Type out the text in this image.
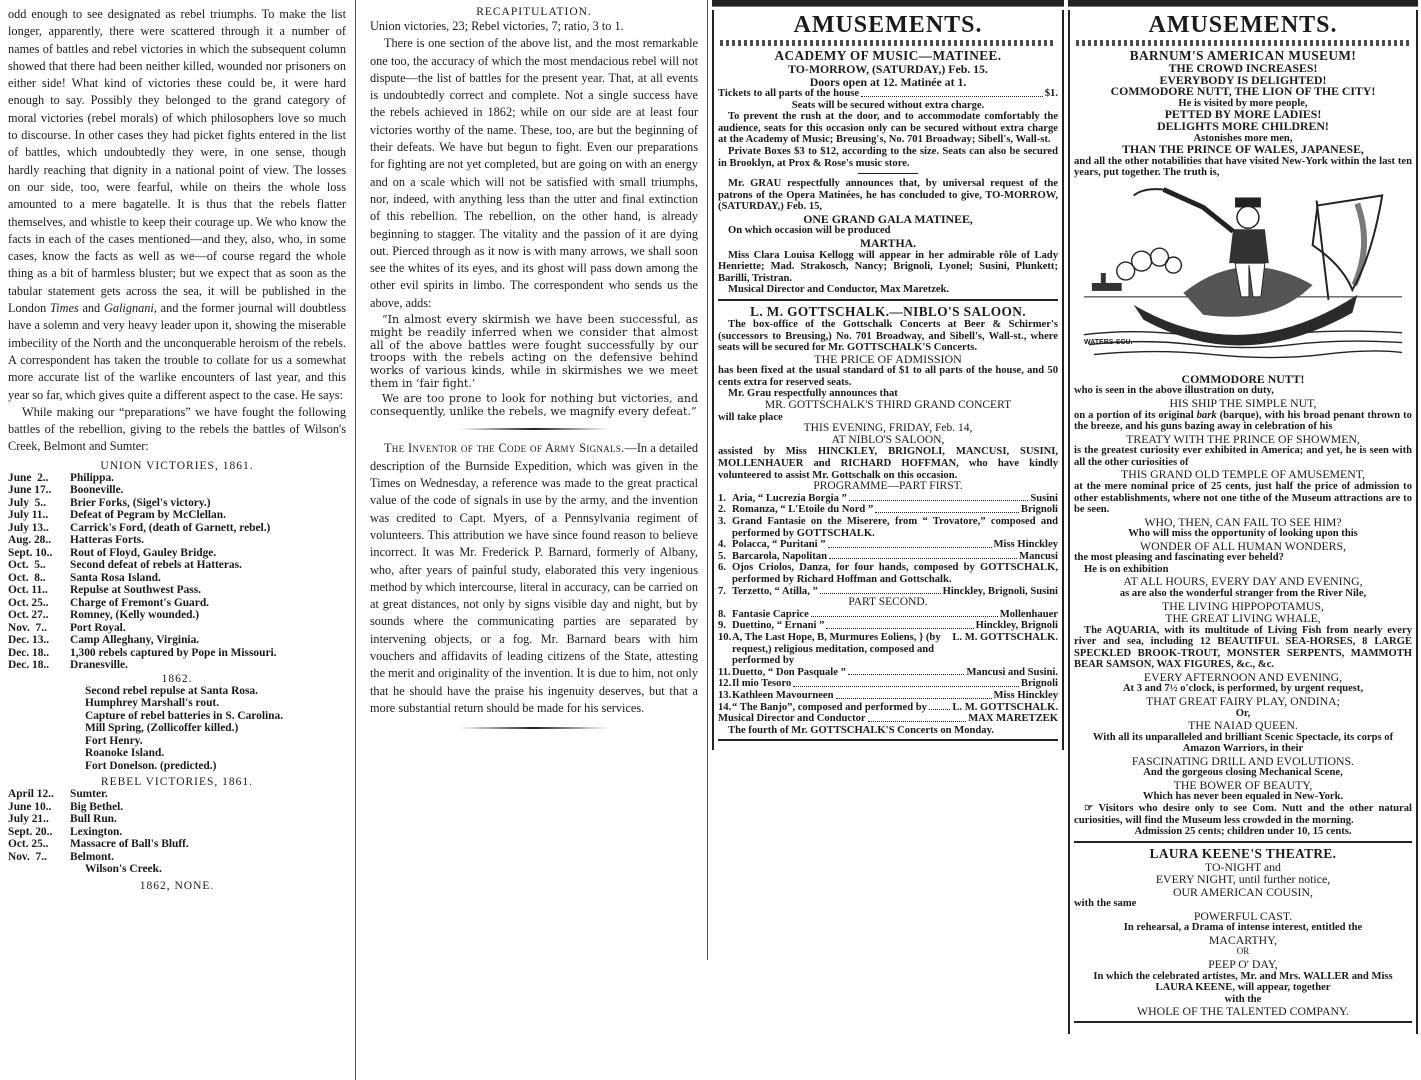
odd enough to see designated as rebel triumphs. To make the list longer, apparently, there were scattered through it a number of names of battles and rebel victories in which the subsequent column showed that there had been neither killed, wounded nor prisoners on either side! What kind of victories these could be, it were hard enough to say. Possibly they belonged to the grand category of moral victories (rebel morals) of which philosophers love so much to discourse. In other cases they had picket fights entered in the list of battles, which undoubtedly they were, in one sense, though hardly reaching that dignity in a national point of view. The losses on our side, too, were fearful, while on theirs the whole loss amounted to a mere bagatelle. It is thus that the rebels flatter themselves, and whistle to keep their courage up. We who know the facts in each of the cases mentioned—and they, also, who, in some cases, know the facts as well as we—of course regard the whole thing as a bit of harmless bluster; but we expect that as soon as the tabular statement gets across the sea, it will be published in the London Times and Galignani, and the former journal will doubtless have a solemn and very heavy leader upon it, showing the miserable imbecility of the North and the unconquerable heroism of the rebels. A correspondent has taken the trouble to collate for us a somewhat more accurate list of the warlike encounters of last year, and this year so far, which gives quite a different aspect to the case. He says:

While making our “preparations” we have fought the following battles of the rebellion, giving to the rebels the battles of Wilson's Creek, Belmont and Sumter:

UNION VICTORIES, 1861.
June  2..	Philippa.
June 17..	Booneville.
July  5..	Brier Forks, (Sigel's victory.)
July 11..	Defeat of Pegram by McClellan.
July 13..	Carrick's Ford, (death of Garnett, rebel.)
Aug. 28..	Hatteras Forts.
Sept. 10..	Rout of Floyd, Gauley Bridge.
Oct.  5..	Second defeat of rebels at Hatteras.
Oct.  8..	Santa Rosa Island.
Oct. 11..	Repulse at Southwest Pass.
Oct. 25..	Charge of Fremont's Guard.
Oct. 27..	Romney, (Kelly wounded.)
Nov.  7..	Port Royal.
Dec. 13..	Camp Alleghany, Virginia.
Dec. 18..	1,300 rebels captured by Pope in Missouri.
Dec. 18..	Dranesville.
1862.
Second rebel repulse at Santa Rosa.
Humphrey Marshall's rout.
Capture of rebel batteries in S. Carolina.
Mill Spring, (Zollicoffer killed.)
Fort Henry.
Roanoke Island.
Fort Donelson. (predicted.)
REBEL VICTORIES, 1861.
April 12..	Sumter.
June 10..	Big Bethel.
July 21..	Bull Run.
Sept. 20..	Lexington.
Oct. 25..	Massacre of Ball's Bluff.
Nov.  7..	Belmont.
Wilson's Creek.
1862, NONE.
RECAPITULATION.

Union victories, 23; Rebel victories, 7; ratio, 3 to 1.

There is one section of the above list, and the most remarkable one too, the accuracy of which the most mendacious rebel will not dispute—the list of battles for the present year. That, at all events is undoubtedly correct and complete. Not a single success have the rebels achieved in 1862; while on our side are at least four victories worthy of the name. These, too, are but the beginning of their defeats. We have but begun to fight. Even our preparations for fighting are not yet completed, but are going on with an energy and on a scale which will not be satisfied with small triumphs, nor, indeed, with anything less than the utter and final extinction of this rebellion. The rebellion, on the other hand, is already beginning to stagger. The vitality and the passion of it are dying out. Pierced through as it now is with many arrows, we shall soon see the whites of its eyes, and its ghost will pass down among the other evil spirits in limbo. The correspondent who sends us the above, adds:

“In almost every skirmish we have been successful, as might be readily inferred when we consider that almost all of the above battles were fought successfully by our troops with the rebels acting on the defensive behind works of various kinds, while in skirmishes we we meet them in ‘fair fight.’

We are too prone to look for nothing but victories, and consequently, unlike the rebels, we magnify every defeat.”

The Inventor of the Code of Army Signals.—In a detailed description of the Burnside Expedition, which was given in the Times on Wednesday, a reference was made to the great practical value of the code of signals in use by the army, and the invention was credited to Capt. Myers, of a Pennsylvania regiment of volunteers. This attribution we have since found reason to believe incorrect. It was Mr. Frederick P. Barnard, formerly of Albany, who, after years of painful study, elaborated this very ingenious method by which intercourse, literal in accuracy, can be carried on at great distances, not only by signs visible day and night, but by sounds where the communicating parties are separated by intervening objects, or a fog. Mr. Barnard bears with him vouchers and affidavits of leading citizens of the State, attesting the merit and originality of the invention. It is due to him, not only that he should have the praise his ingenuity deserves, but that a more substantial return should be made for his services.

AMUSEMENTS.
ACADEMY OF MUSIC—MATINEE.
TO-MORROW, (SATURDAY,) Feb. 15.
Doors open at 12. Matinée at 1.
Tickets to all parts of the house	$1.
Seats will be secured without extra charge.
To prevent the rush at the door, and to accommodate comfortably the audience, seats for this occasion only can be secured without extra charge at the Academy of Music; Breusing's, No. 701 Broadway; Sibell's, Wall-st.
Private Boxes $3 to $12, according to the size. Seats can also be secured in Brooklyn, at Prox & Rose's music store.
Mr. GRAU respectfully announces that, by universal request of the patrons of the Opera Matinées, he has concluded to give, TO-MORROW, (SATURDAY,) Feb. 15,
ONE GRAND GALA MATINEE,
On which occasion will be produced
MARTHA.
Miss Clara Louisa Kellogg will appear in her admirable rôle of Lady Henriette; Mad. Strakosch, Nancy; Brignoli, Lyonel; Susini, Plunkett; Barilli, Tristran.
Musical Director and Conductor, Max Maretzek.
L. M. GOTTSCHALK.—NIBLO'S SALOON.
The box-office of the Gottschalk Concerts at Beer & Schirmer's (successors to Breusing,) No. 701 Broadway, and Sibell's, Wall-st., where seats will be secured for Mr. GOTTSCHALK'S Concerts.
THE PRICE OF ADMISSION
has been fixed at the usual standard of $1 to all parts of the house, and 50 cents extra for reserved seats.
Mr. Grau respectfully announces that
MR. GOTTSCHALK'S THIRD GRAND CONCERT
will take place
THIS EVENING, FRIDAY, Feb. 14,
AT NIBLO'S SALOON,
assisted by Miss HINCKLEY, BRIGNOLI, MANCUSI, SUSINI, MOLLENHAUER and RICHARD HOFFMAN, who have kindly volunteered to assist Mr. Gottschalk on this occasion.
PROGRAMME—PART FIRST.
1. Aria, “ Lucrezia Borgia ”	Susini
2. Romanza, “ L'Etoile du Nord ”	Brignoli
3. Grand Fantasie on the Miserere, from “ Trovatore,” composed and performed by GOTTSCHALK.
4. Polacca, “ Puritani ”	Miss Hinckley
5. Barcarola, Napolitan	Mancusi
6. Ojos Criolos, Danza, for four hands, composed by GOTTSCHALK, performed by Richard Hoffman and Gottschalk.
7. Terzetto, “ Atilla, ”	Hinckley, Brignoli, Susini
PART SECOND.
8. Fantasie Caprice	Mollenhauer
9. Duettino, “ Ernani ”	Hinckley, Brignoli
10. A, The Last Hope, B, Murmures Eoliens, } (by request,) religious meditation, composed and performed by
L. M. GOTTSCHALK.
11. Duetto, “ Don Pasquale ”	Mancusi and Susini.
12. Il mio Tesoro	Brignoli
13. Kathleen Mavourneen	Miss Hinckley
14. “ The Banjo”, composed and performed by L. M. GOTTSCHALK.
Musical Director and Conductor	MAX MARETZEK
The fourth of Mr. GOTTSCHALK'S Concerts on Monday.
AMUSEMENTS.
BARNUM'S AMERICAN MUSEUM!
THE CROWD INCREASES!
EVERYBODY IS DELIGHTED!
COMMODORE NUTT, THE LION OF THE CITY!
He is visited by more people,
PETTED BY MORE LADIES!
DELIGHTS MORE CHILDREN!
Astonishes more men,
THAN THE PRINCE OF WALES, JAPANESE,
and all the other notabilities that have visited New-York within the last ten years, put together. The truth is,
WATERS-SCU.
COMMODORE NUTT!
who is seen in the above illustration on duty,
HIS SHIP THE SIMPLE NUT,
on a portion of its original bark (barque), with his broad penant thrown to the breeze, and his guns bazing away in celebration of his
TREATY WITH THE PRINCE OF SHOWMEN,
is the greatest curiosity ever exhibited in America; and yet, he is seen with all the other curiosities of
THIS GRAND OLD TEMPLE OF AMUSEMENT,
at the mere nominal price of 25 cents, just half the price of admission to other establishments, where not one tithe of the Museum attractions are to be seen.
WHO, THEN, CAN FAIL TO SEE HIM?
Who will miss the opportunity of looking upon this
WONDER OF ALL HUMAN WONDERS,
the most pleasing and fascinating ever beheld?
He is on exhibition
AT ALL HOURS, EVERY DAY AND EVENING,
as are also the wonderful stranger from the River Nile,
THE LIVING HIPPOPOTAMUS,
THE GREAT LIVING WHALE,
The AQUARIA, with its multitude of Living Fish from nearly every river and sea, including 12 BEAUTIFUL SEA-HORSES, 8 LARGE SPECKLED BROOK-TROUT, MONSTER SERPENTS, MAMMOTH BEAR SAMSON, WAX FIGURES, &c., &c.
EVERY AFTERNOON AND EVENING,
At 3 and 7½ o'clock, is performed, by urgent request,
THAT GREAT FAIRY PLAY, ONDINA;
Or,
THE NAIAD QUEEN.
With all its unparalleled and brilliant Scenic Spectacle, its corps of Amazon Warriors, in their
FASCINATING DRILL AND EVOLUTIONS.
And the gorgeous closing Mechanical Scene,
THE BOWER OF BEAUTY,
Which has never been equaled in New-York.
☞ Visitors who desire only to see Com. Nutt and the other natural curiosities, will find the Museum less crowded in the morning.
Admission 25 cents; children under 10, 15 cents.
LAURA KEENE'S THEATRE.
TO-NIGHT and
EVERY NIGHT, until further notice,
OUR AMERICAN COUSIN,
with the same
POWERFUL CAST.
In rehearsal, a Drama of intense interest, entitled the
MACARTHY,
OR
PEEP O' DAY,
In which the celebrated artistes, Mr. and Mrs. WALLER and Miss LAURA KEENE, will appear, together
with the
WHOLE OF THE TALENTED COMPANY.
